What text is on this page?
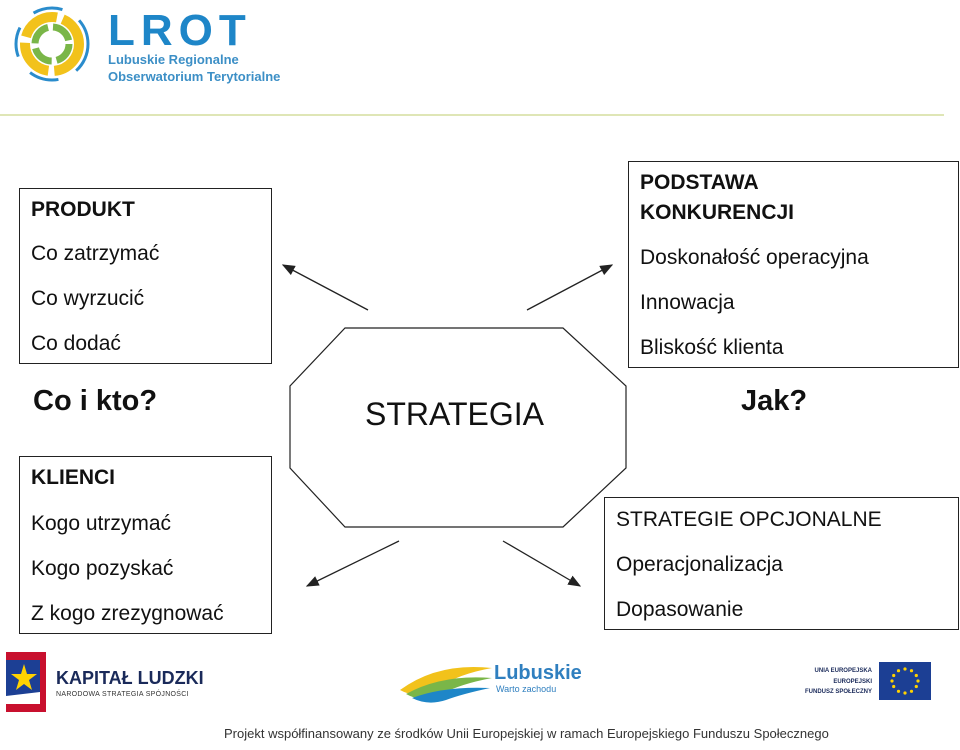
LROT
Lubuskie Regionalne
Obserwatorium Terytorialne
STRATEGIA
PRODUKT
Co zatrzymać
Co wyrzucić
Co dodać
Co i kto?
KLIENCI
Kogo utrzymać
Kogo pozyskać
Z kogo zrezygnować
PODSTAWA
KONKURENCJI
Doskonałość operacyjna
Innowacja
Bliskość klienta
Jak?
STRATEGIE OPCJONALNE
Operacjonalizacja
Dopasowanie
KAPITAŁ LUDZKI
NARODOWA STRATEGIA SPÓJNOŚCI
Lubuskie
Warto zachodu
UNIA EUROPEJSKA
EUROPEJSKI
FUNDUSZ SPOŁECZNY
Projekt współfinansowany ze środków Unii Europejskiej w ramach Europejskiego Funduszu Społecznego
